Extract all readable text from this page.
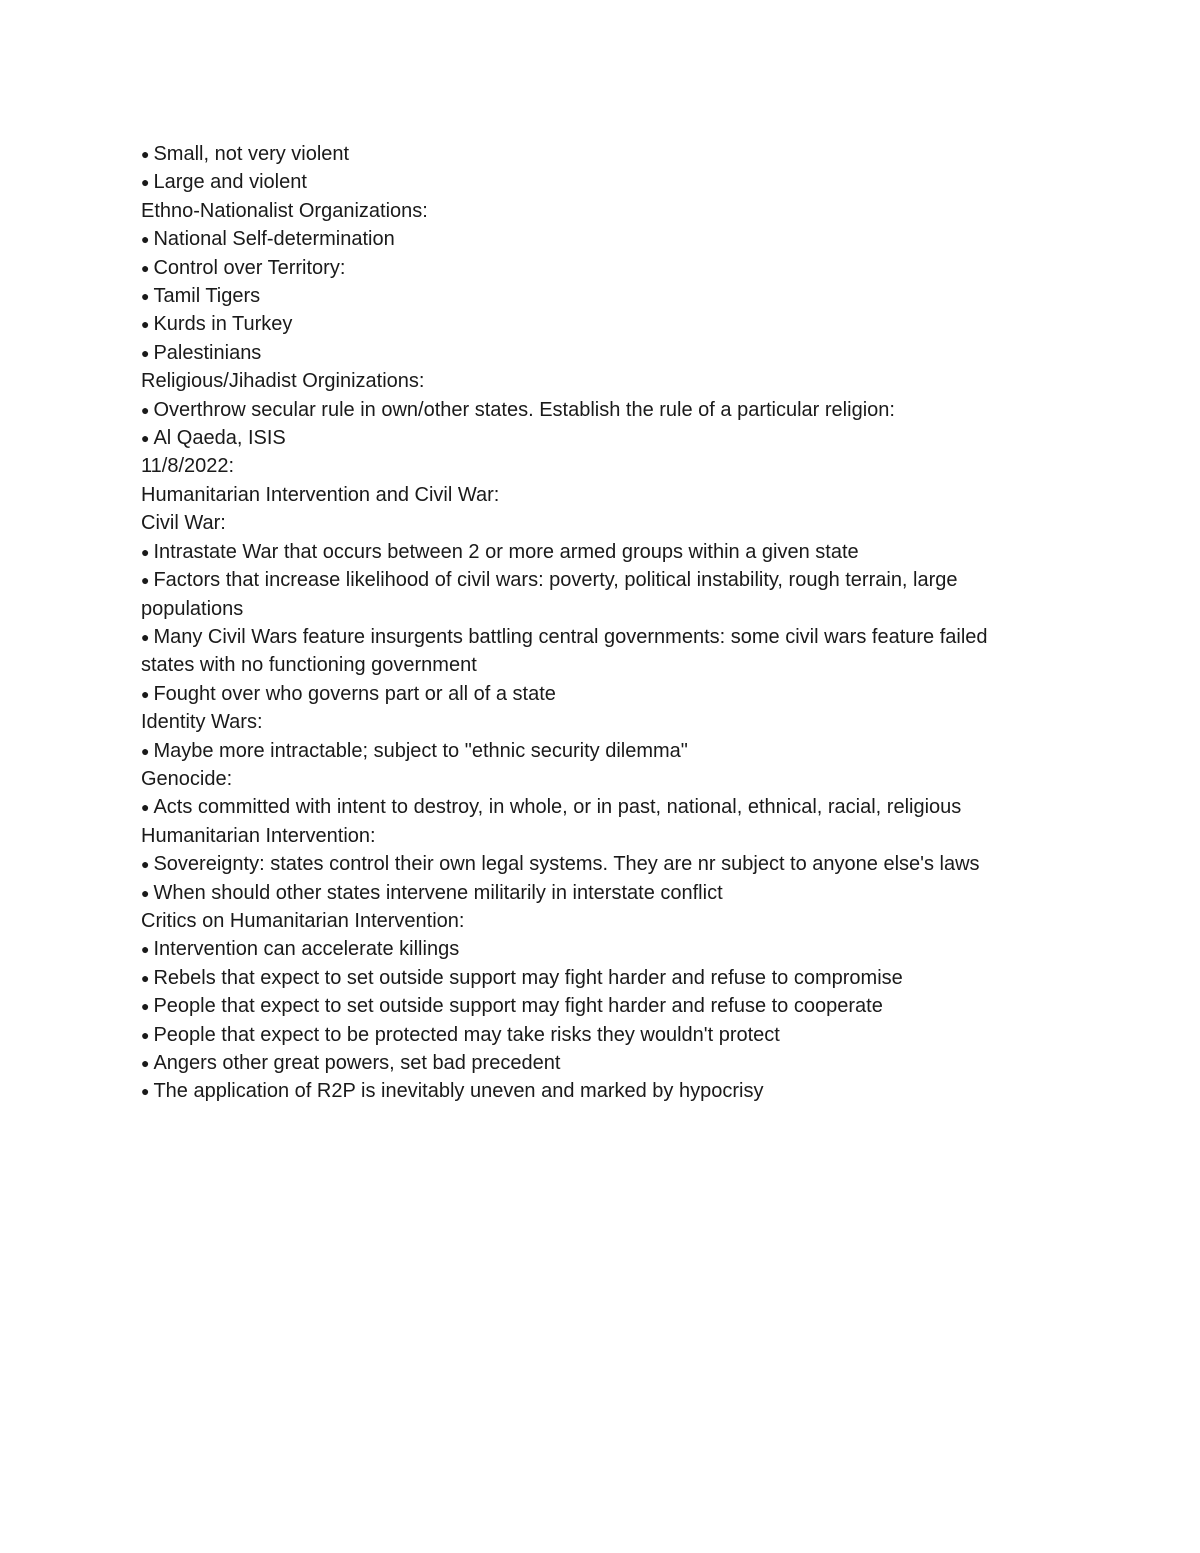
● Small, not very violent
● Large and violent
Ethno-Nationalist Organizations:
● National Self-determination
● Control over Territory:
● Tamil Tigers
● Kurds in Turkey
● Palestinians
Religious/Jihadist Orginizations:
● Overthrow secular rule in own/other states. Establish the rule of a particular religion:
● Al Qaeda, ISIS
11/8/2022:
Humanitarian Intervention and Civil War:
Civil War:
● Intrastate War that occurs between 2 or more armed groups within a given state
● Factors that increase likelihood of civil wars: poverty, political instability, rough terrain, large populations
● Many Civil Wars feature insurgents battling central governments: some civil wars feature failed states with no functioning government
● Fought over who governs part or all of a state
Identity Wars:
● Maybe more intractable; subject to "ethnic security dilemma"
Genocide:
● Acts committed with intent to destroy, in whole, or in past, national, ethnical, racial, religious
Humanitarian Intervention:
● Sovereignty: states control their own legal systems. They are nr subject to anyone else's laws
● When should other states intervene militarily in interstate conflict
Critics on Humanitarian Intervention:
● Intervention can accelerate killings
● Rebels that expect to set outside support may fight harder and refuse to compromise
● People that expect to set outside support may fight harder and refuse to cooperate
● People that expect to be protected may take risks they wouldn't protect
● Angers other great powers, set bad precedent
● The application of R2P is inevitably uneven and marked by hypocrisy
